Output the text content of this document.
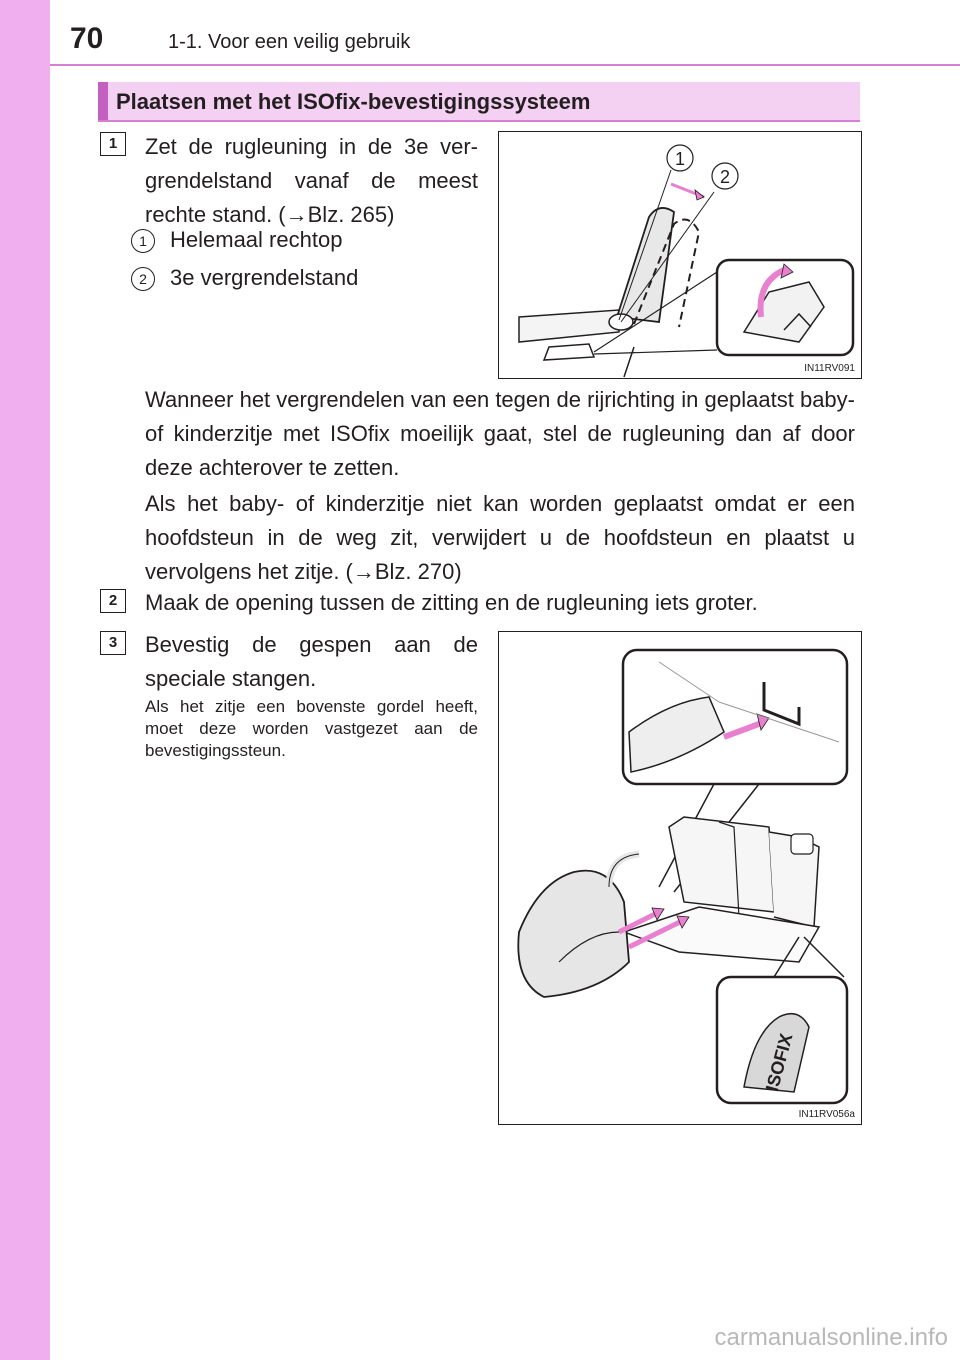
70	1-1. Voor een veilig gebruik
Plaatsen met het ISOfix-bevestigingssysteem
1	Zet de rugleuning in de 3e ver-grendelstand vanaf de meest rechte stand. (→Blz. 265)
1	Helemaal rechtop
2	3e vergrendelstand
1
2
IN11RV091
Wanneer het vergrendelen van een tegen de rijrichting in geplaatst baby- of kinderzitje met ISOfix moeilijk gaat, stel de rugleuning dan af door deze achterover te zetten.
Als het baby- of kinderzitje niet kan worden geplaatst omdat er een hoofdsteun in de weg zit, verwijdert u de hoofdsteun en plaatst u vervolgens het zitje. (→Blz. 270)
2	Maak de opening tussen de zitting en de rugleuning iets groter.
3	Bevestig de gespen aan de speciale stangen.
Als het zitje een bovenste gordel heeft, moet deze worden vastgezet aan de bevestigingssteun.
ISOFIX
IN11RV056a
carmanualsonline.info
